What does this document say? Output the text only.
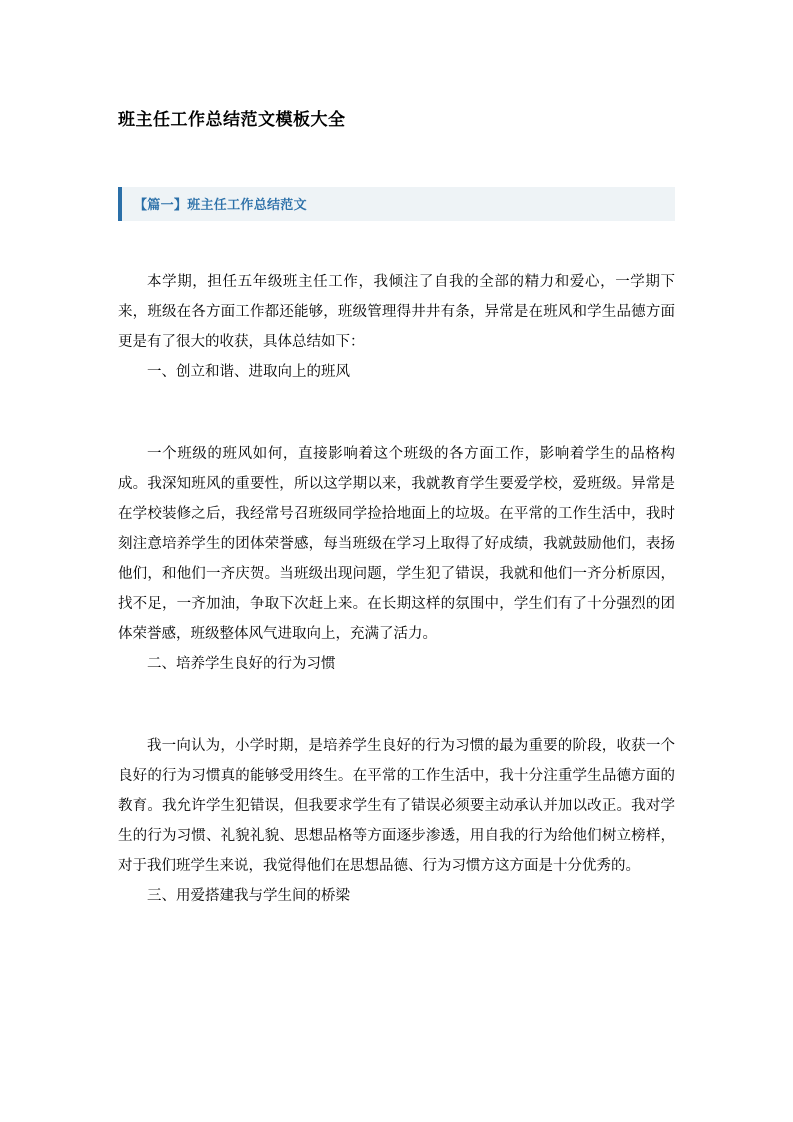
班主任工作总结范文模板大全
【篇一】班主任工作总结范文

本学期，担任五年级班主任工作，我倾注了自我的全部的精力和爱心，一学期下来，班级在各方面工作都还能够，班级管理得井井有条，异常是在班风和学生品德方面更是有了很大的收获，具体总结如下：

一、创立和谐、进取向上的班风

一个班级的班风如何，直接影响着这个班级的各方面工作，影响着学生的品格构成。我深知班风的重要性，所以这学期以来，我就教育学生要爱学校，爱班级。异常是在学校装修之后，我经常号召班级同学捡拾地面上的垃圾。在平常的工作生活中，我时刻注意培养学生的团体荣誉感，每当班级在学习上取得了好成绩，我就鼓励他们，表扬他们，和他们一齐庆贺。当班级出现问题，学生犯了错误，我就和他们一齐分析原因，找不足，一齐加油，争取下次赶上来。在长期这样的氛围中，学生们有了十分强烈的团体荣誉感，班级整体风气进取向上，充满了活力。

二、培养学生良好的行为习惯

我一向认为，小学时期，是培养学生良好的行为习惯的最为重要的阶段，收获一个良好的行为习惯真的能够受用终生。在平常的工作生活中，我十分注重学生品德方面的教育。我允许学生犯错误，但我要求学生有了错误必须要主动承认并加以改正。我对学生的行为习惯、礼貌礼貌、思想品格等方面逐步渗透，用自我的行为给他们树立榜样，对于我们班学生来说，我觉得他们在思想品德、行为习惯方这方面是十分优秀的。

三、用爱搭建我与学生间的桥梁
